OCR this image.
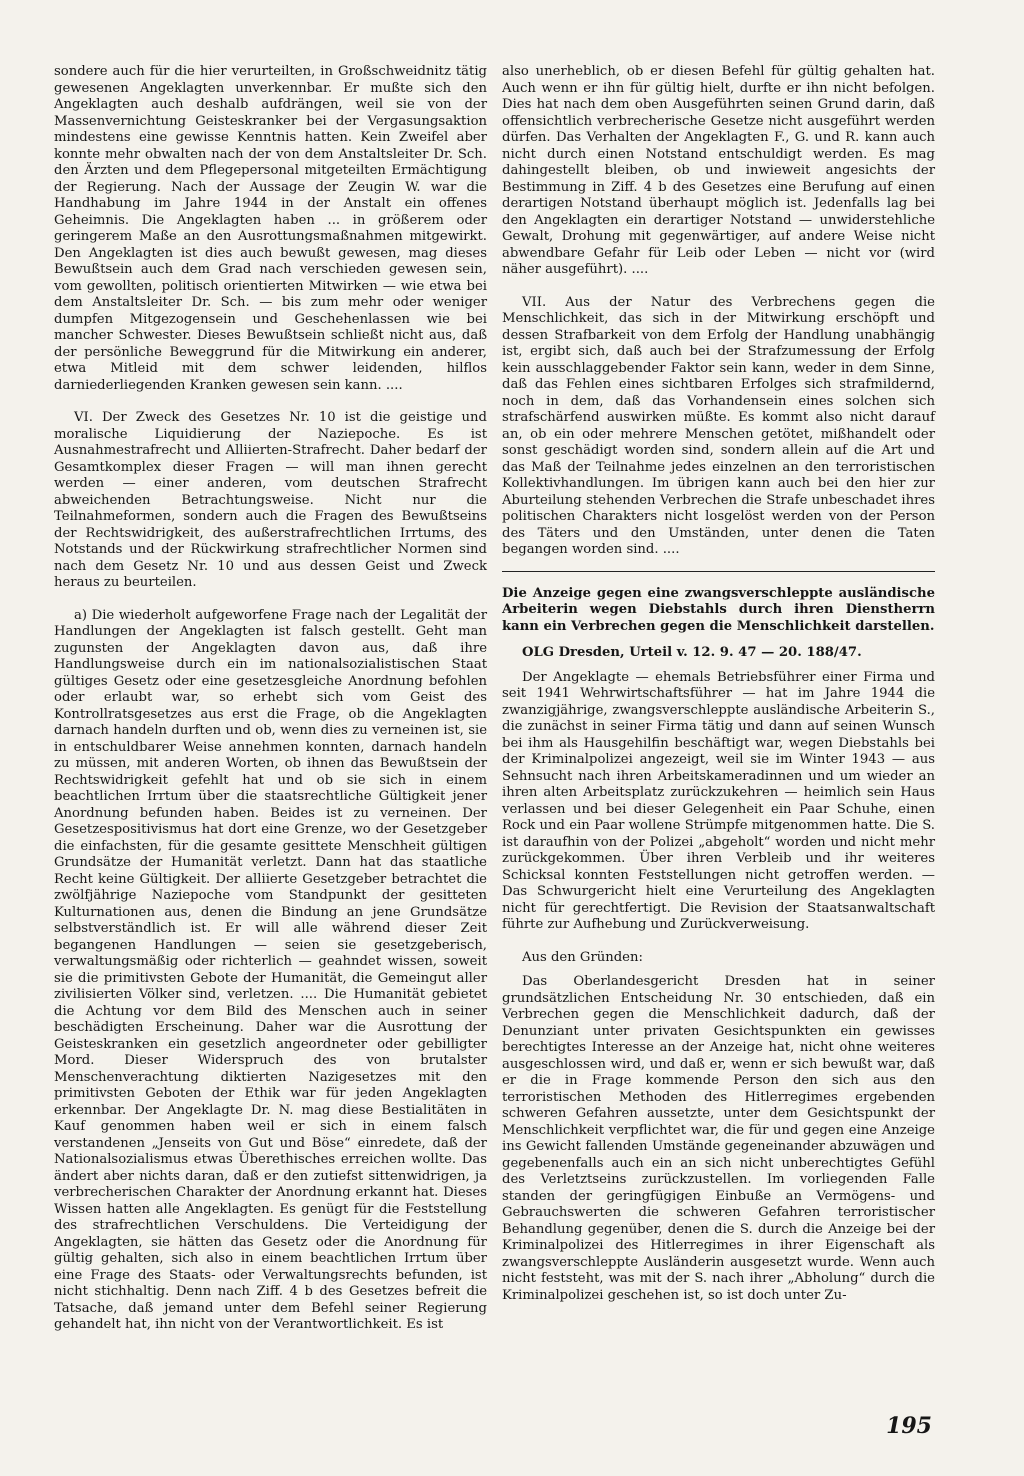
sondere auch für die hier verurteilten, in Großschweidnitz tätig gewesenen Angeklagten unverkennbar. Er mußte sich den Angeklagten auch deshalb aufdrängen, weil sie von der Massenvernichtung Geisteskranker bei der Vergasungsaktion mindestens eine gewisse Kenntnis hatten. Kein Zweifel aber konnte mehr obwalten nach der von dem Anstaltsleiter Dr. Sch. den Ärzten und dem Pflegepersonal mitgeteilten Ermächtigung der Regierung. Nach der Aussage der Zeugin W. war die Handhabung im Jahre 1944 in der Anstalt ein offenes Geheimnis. Die Angeklagten haben ... in größerem oder geringerem Maße an den Ausrottungsmaßnahmen mitgewirkt. Den Angeklagten ist dies auch bewußt gewesen, mag dieses Bewußtsein auch dem Grad nach verschieden gewesen sein, vom gewollten, politisch orientierten Mitwirken — wie etwa bei dem Anstaltsleiter Dr. Sch. — bis zum mehr oder weniger dumpfen Mitgezogensein und Geschehenlassen wie bei mancher Schwester. Dieses Bewußtsein schließt nicht aus, daß der persönliche Beweggrund für die Mitwirkung ein anderer, etwa Mitleid mit dem schwer leidenden, hilflos darniederliegenden Kranken gewesen sein kann. ....

VI. Der Zweck des Gesetzes Nr. 10 ist die geistige und moralische Liquidierung der Naziepoche. Es ist Ausnahmestrafrecht und Alliierten-Strafrecht. Daher bedarf der Gesamtkomplex dieser Fragen — will man ihnen gerecht werden — einer anderen, vom deutschen Strafrecht abweichenden Betrachtungsweise. Nicht nur die Teilnahmeformen, sondern auch die Fragen des Bewußtseins der Rechtswidrigkeit, des außerstrafrechtlichen Irrtums, des Notstands und der Rückwirkung strafrechtlicher Normen sind nach dem Gesetz Nr. 10 und aus dessen Geist und Zweck heraus zu beurteilen.

a) Die wiederholt aufgeworfene Frage nach der Legalität der Handlungen der Angeklagten ist falsch gestellt. Geht man zugunsten der Angeklagten davon aus, daß ihre Handlungsweise durch ein im nationalsozialistischen Staat gültiges Gesetz oder eine gesetzesgleiche Anordnung befohlen oder erlaubt war, so erhebt sich vom Geist des Kontrollratsgesetzes aus erst die Frage, ob die Angeklagten darnach handeln durften und ob, wenn dies zu verneinen ist, sie in entschuldbarer Weise annehmen konnten, darnach handeln zu müssen, mit anderen Worten, ob ihnen das Bewußtsein der Rechtswidrigkeit gefehlt hat und ob sie sich in einem beachtlichen Irrtum über die staatsrechtliche Gültigkeit jener Anordnung befunden haben. Beides ist zu verneinen. Der Gesetzespositivismus hat dort eine Grenze, wo der Gesetzgeber die einfachsten, für die gesamte gesittete Menschheit gültigen Grundsätze der Humanität verletzt. Dann hat das staatliche Recht keine Gültigkeit. Der alliierte Gesetzgeber betrachtet die zwölfjährige Naziepoche vom Standpunkt der gesitteten Kulturnationen aus, denen die Bindung an jene Grundsätze selbstverständlich ist. Er will alle während dieser Zeit begangenen Handlungen — seien sie gesetzgeberisch, verwaltungsmäßig oder richterlich — geahndet wissen, soweit sie die primitivsten Gebote der Humanität, die Gemeingut aller zivilisierten Völker sind, verletzen. .... Die Humanität gebietet die Achtung vor dem Bild des Menschen auch in seiner beschädigten Erscheinung. Daher war die Ausrottung der Geisteskranken ein gesetzlich angeordneter oder gebilligter Mord. Dieser Widerspruch des von brutalster Menschenverachtung diktierten Nazigesetzes mit den primitivsten Geboten der Ethik war für jeden Angeklagten erkennbar. Der Angeklagte Dr. N. mag diese Bestialitäten in Kauf genommen haben weil er sich in einem falsch verstandenen „Jenseits von Gut und Böse“ einredete, daß der Nationalsozialismus etwas Überethisches erreichen wollte. Das ändert aber nichts daran, daß er den zutiefst sittenwidrigen, ja verbrecherischen Charakter der Anordnung erkannt hat. Dieses Wissen hatten alle Angeklagten. Es genügt für die Feststellung des strafrechtlichen Verschuldens. Die Verteidigung der Angeklagten, sie hätten das Gesetz oder die Anordnung für gültig gehalten, sich also in einem beachtlichen Irrtum über eine Frage des Staats- oder Verwaltungsrechts befunden, ist nicht stichhaltig. Denn nach Ziff. 4 b des Gesetzes befreit die Tatsache, daß jemand unter dem Befehl seiner Regierung gehandelt hat, ihn nicht von der Verantwortlichkeit. Es ist

also unerheblich, ob er diesen Befehl für gültig gehalten hat. Auch wenn er ihn für gültig hielt, durfte er ihn nicht befolgen. Dies hat nach dem oben Ausgeführten seinen Grund darin, daß offensichtlich verbrecherische Gesetze nicht ausgeführt werden dürfen. Das Verhalten der Angeklagten F., G. und R. kann auch nicht durch einen Notstand entschuldigt werden. Es mag dahingestellt bleiben, ob und inwieweit angesichts der Bestimmung in Ziff. 4 b des Gesetzes eine Berufung auf einen derartigen Notstand überhaupt möglich ist. Jedenfalls lag bei den Angeklagten ein derartiger Notstand — unwiderstehliche Gewalt, Drohung mit gegenwärtiger, auf andere Weise nicht abwendbare Gefahr für Leib oder Leben — nicht vor (wird näher ausgeführt). ....

VII. Aus der Natur des Verbrechens gegen die Menschlichkeit, das sich in der Mitwirkung erschöpft und dessen Strafbarkeit von dem Erfolg der Handlung unabhängig ist, ergibt sich, daß auch bei der Strafzumessung der Erfolg kein ausschlaggebender Faktor sein kann, weder in dem Sinne, daß das Fehlen eines sichtbaren Erfolges sich strafmildernd, noch in dem, daß das Vorhandensein eines solchen sich strafschärfend auswirken müßte. Es kommt also nicht darauf an, ob ein oder mehrere Menschen getötet, mißhandelt oder sonst geschädigt worden sind, sondern allein auf die Art und das Maß der Teilnahme jedes einzelnen an den terroristischen Kollektivhandlungen. Im übrigen kann auch bei den hier zur Aburteilung stehenden Verbrechen die Strafe unbeschadet ihres politischen Charakters nicht losgelöst werden von der Person des Täters und den Umständen, unter denen die Taten begangen worden sind. ....

Die Anzeige gegen eine zwangsverschleppte ausländische Arbeiterin wegen Diebstahls durch ihren Dienstherrn kann ein Verbrechen gegen die Menschlichkeit darstellen.

OLG Dresden, Urteil v. 12. 9. 47 — 20. 188/47.

Der Angeklagte — ehemals Betriebsführer einer Firma und seit 1941 Wehrwirtschaftsführer — hat im Jahre 1944 die zwanzigjährige, zwangsverschleppte ausländische Arbeiterin S., die zunächst in seiner Firma tätig und dann auf seinen Wunsch bei ihm als Hausgehilfin beschäftigt war, wegen Diebstahls bei der Kriminalpolizei angezeigt, weil sie im Winter 1943 — aus Sehnsucht nach ihren Arbeitskameradinnen und um wieder an ihren alten Arbeitsplatz zurückzukehren — heimlich sein Haus verlassen und bei dieser Gelegenheit ein Paar Schuhe, einen Rock und ein Paar wollene Strümpfe mitgenommen hatte. Die S. ist daraufhin von der Polizei „abgeholt“ worden und nicht mehr zurückgekommen. Über ihren Verbleib und ihr weiteres Schicksal konnten Feststellungen nicht getroffen werden. — Das Schwurgericht hielt eine Verurteilung des Angeklagten nicht für gerechtfertigt. Die Revision der Staatsanwaltschaft führte zur Aufhebung und Zurückverweisung.

Aus den Gründen:

Das Oberlandesgericht Dresden hat in seiner grundsätzlichen Entscheidung Nr. 30 entschieden, daß ein Verbrechen gegen die Menschlichkeit dadurch, daß der Denunziant unter privaten Gesichtspunkten ein gewisses berechtigtes Interesse an der Anzeige hat, nicht ohne weiteres ausgeschlossen wird, und daß er, wenn er sich bewußt war, daß er die in Frage kommende Person den sich aus den terroristischen Methoden des Hitlerregimes ergebenden schweren Gefahren aussetzte, unter dem Gesichtspunkt der Menschlichkeit verpflichtet war, die für und gegen eine Anzeige ins Gewicht fallenden Umstände gegeneinander abzuwägen und gegebenenfalls auch ein an sich nicht unberechtigtes Gefühl des Verletztseins zurückzustellen. Im vorliegenden Falle standen der geringfügigen Einbuße an Vermögens- und Gebrauchswerten die schweren Gefahren terroristischer Behandlung gegenüber, denen die S. durch die Anzeige bei der Kriminalpolizei des Hitlerregimes in ihrer Eigenschaft als zwangsverschleppte Ausländerin ausgesetzt wurde. Wenn auch nicht feststeht, was mit der S. nach ihrer „Abholung“ durch die Kriminalpolizei geschehen ist, so ist doch unter Zu-

195
